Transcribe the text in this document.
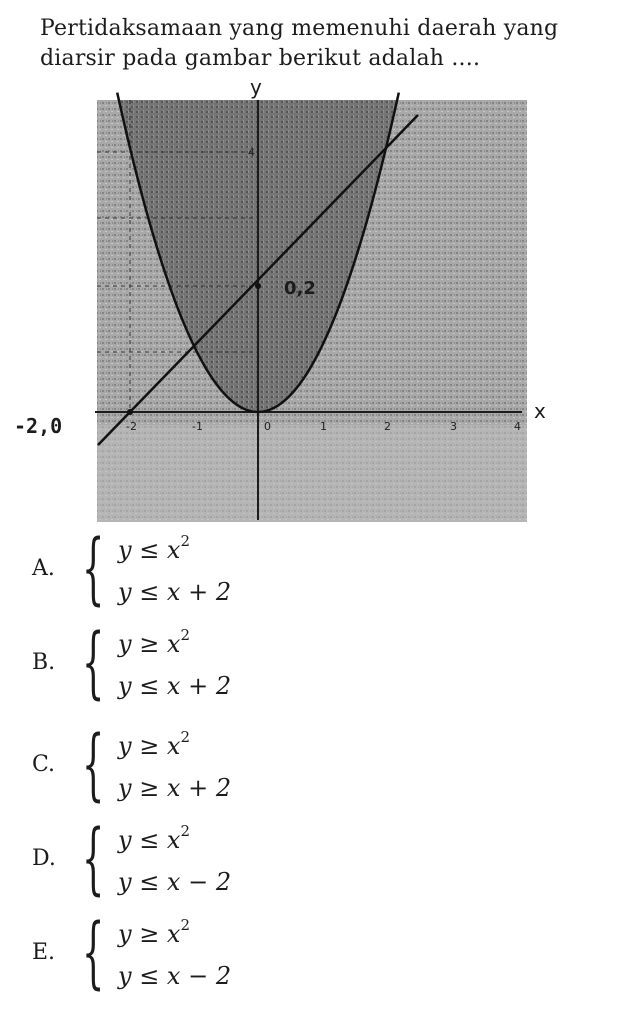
Pertidaksamaan yang memenuhi daerah yang
diarsir pada gambar berikut adalah ....
-2	-1	1	2	3	4
0
4
y
x
-2,0
0,2
A. { $y \le x^2$
y ≤ x + 2
B. { $y \ge x^2$
y ≤ x + 2
C. { $y \ge x^2$
y ≥ x + 2
D. { $y \le x^2$
y ≤ x − 2
E. { $y \ge x^2$
y ≤ x − 2
